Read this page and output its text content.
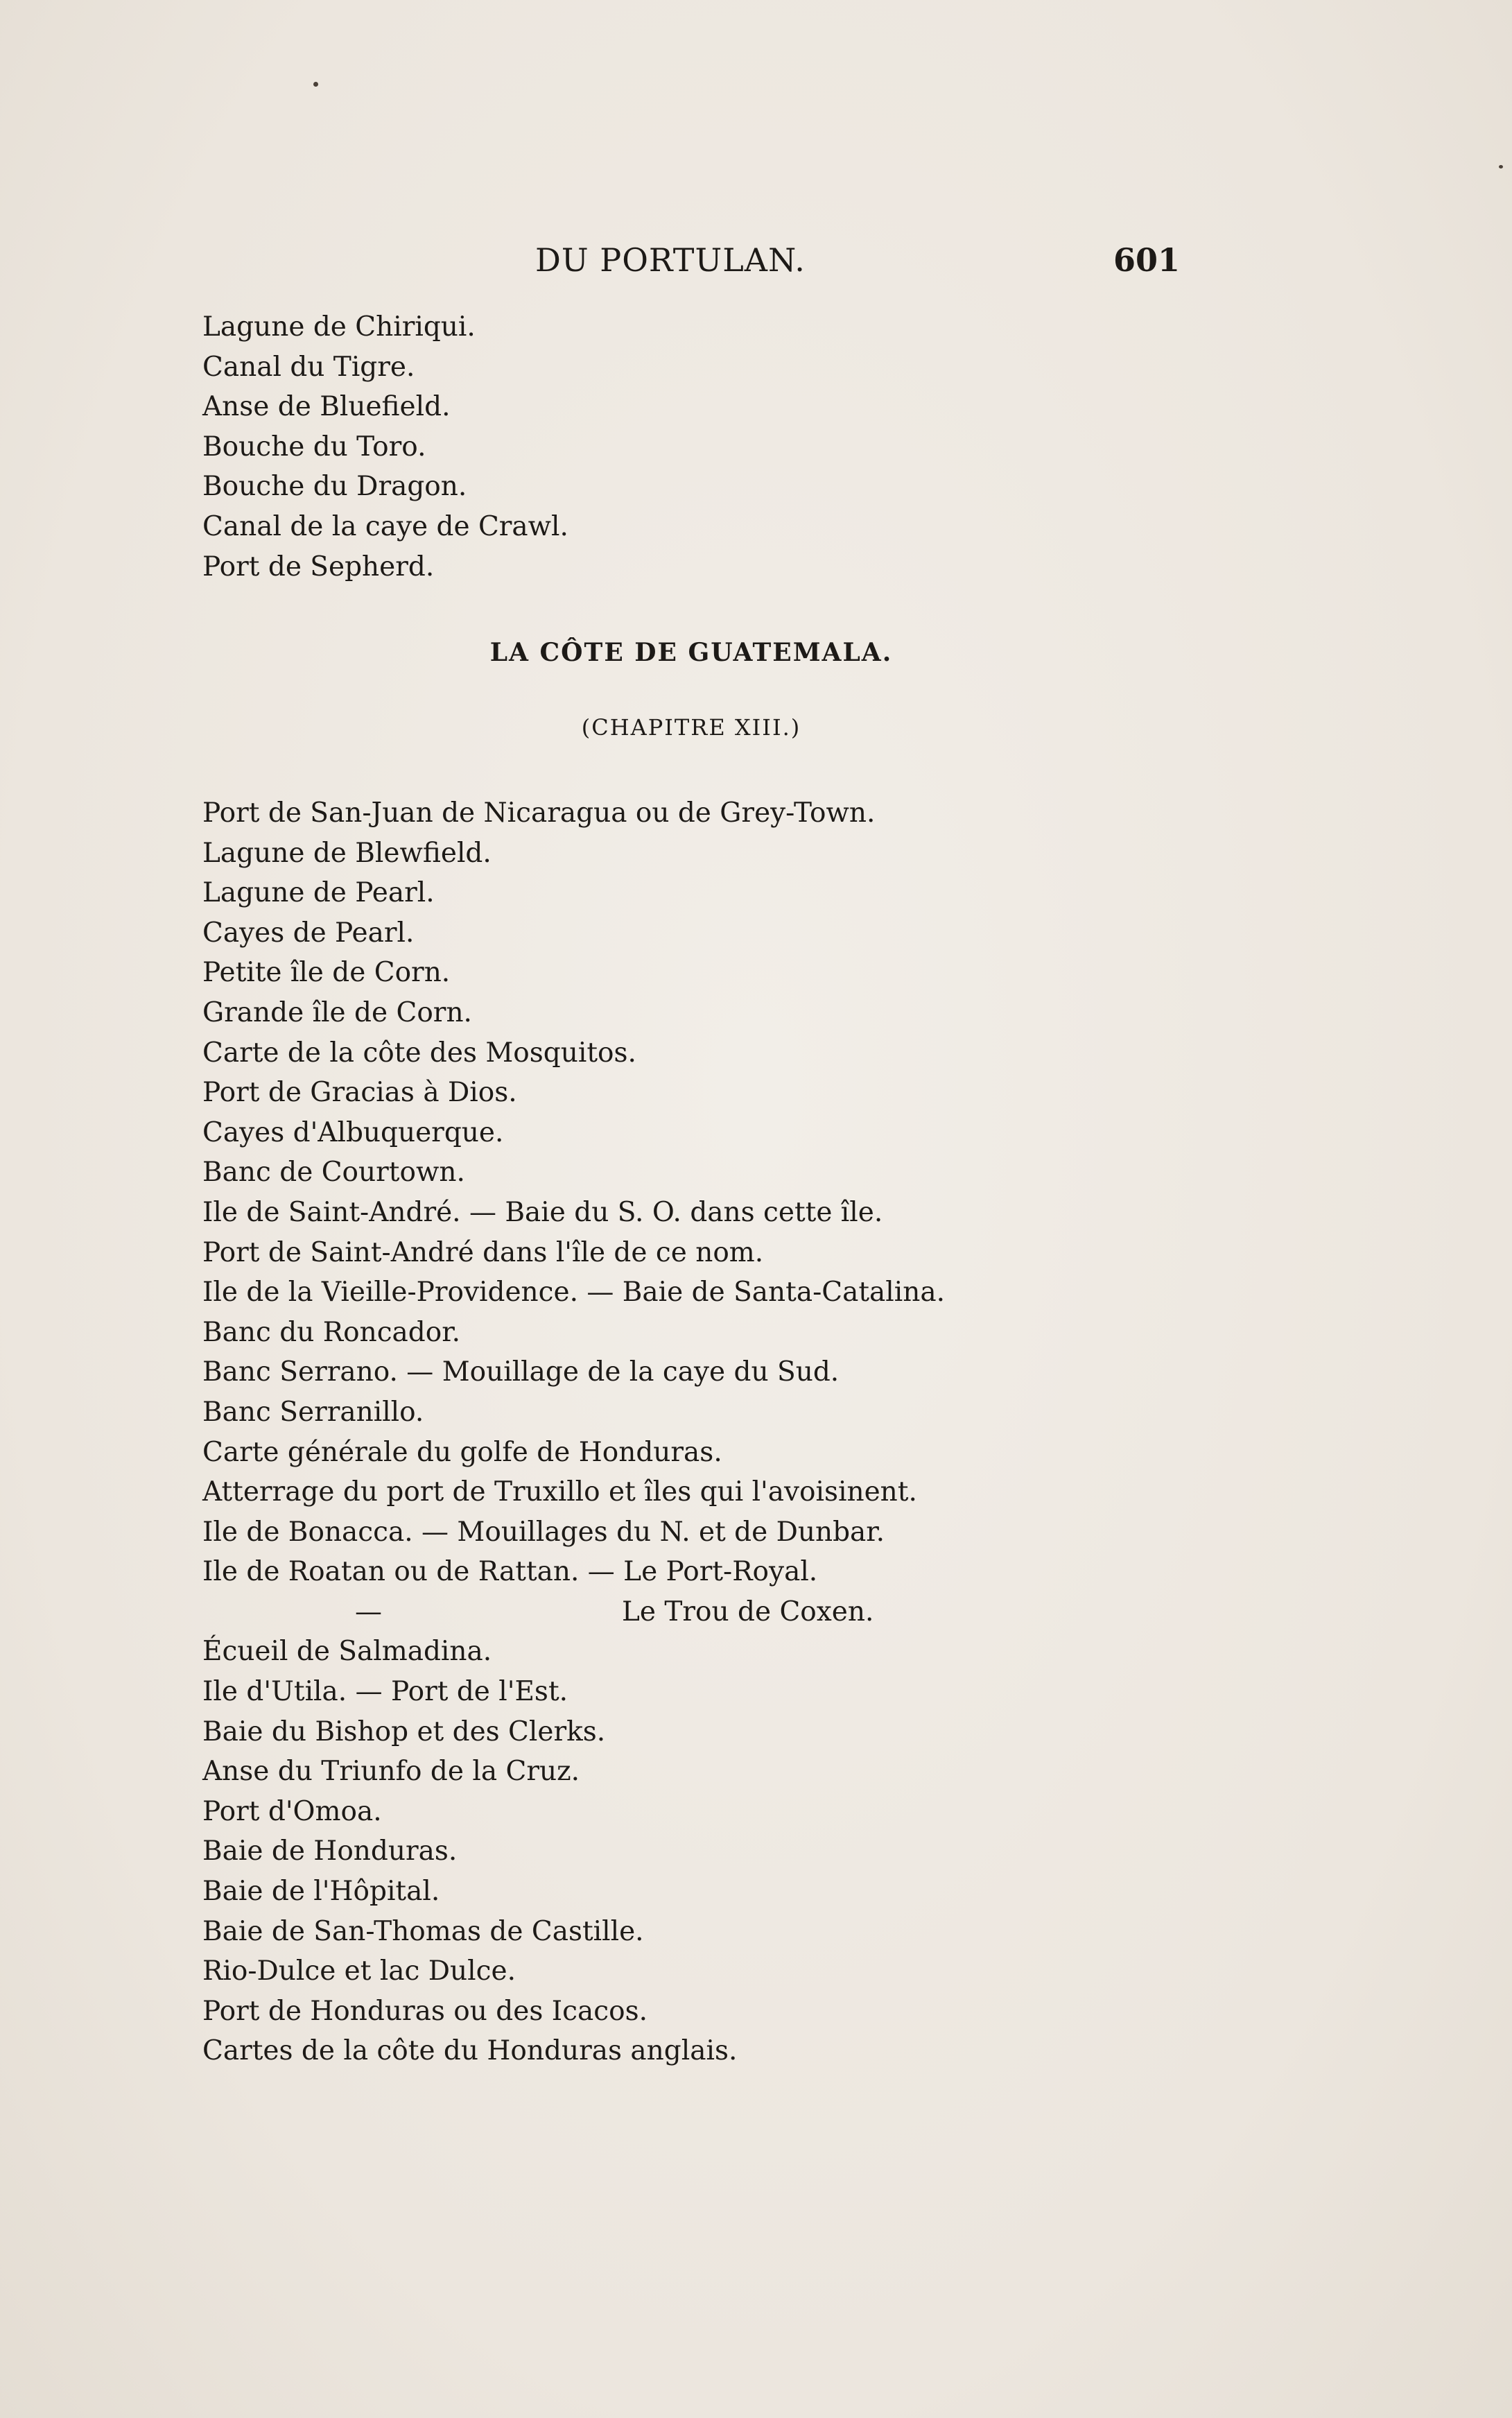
DU PORTULAN.	601
Lagune de Chiriqui.
Canal du Tigre.
Anse de Bluefield.
Bouche du Toro.
Bouche du Dragon.
Canal de la caye de Crawl.
Port de Sepherd.
LA CÔTE DE GUATEMALA.
(CHAPITRE XIII.)
Port de San-Juan de Nicaragua ou de Grey-Town.
Lagune de Blewfield.
Lagune de Pearl.
Cayes de Pearl.
Petite île de Corn.
Grande île de Corn.
Carte de la côte des Mosquitos.
Port de Gracias à Dios.
Cayes d'Albuquerque.
Banc de Courtown.
Ile de Saint-André. — Baie du S. O. dans cette île.
Port de Saint-André dans l'île de ce nom.
Ile de la Vieille-Providence. — Baie de Santa-Catalina.
Banc du Roncador.
Banc Serrano. — Mouillage de la caye du Sud.
Banc Serranillo.
Carte générale du golfe de Honduras.
Atterrage du port de Truxillo et îles qui l'avoisinent.
Ile de Bonacca. — Mouillages du N. et de Dunbar.
Ile de Roatan ou de Rattan. — Le Port-Royal.
—	Le Trou de Coxen.
Écueil de Salmadina.
Ile d'Utila. — Port de l'Est.
Baie du Bishop et des Clerks.
Anse du Triunfo de la Cruz.
Port d'Omoa.
Baie de Honduras.
Baie de l'Hôpital.
Baie de San-Thomas de Castille.
Rio-Dulce et lac Dulce.
Port de Honduras ou des Icacos.
Cartes de la côte du Honduras anglais.
